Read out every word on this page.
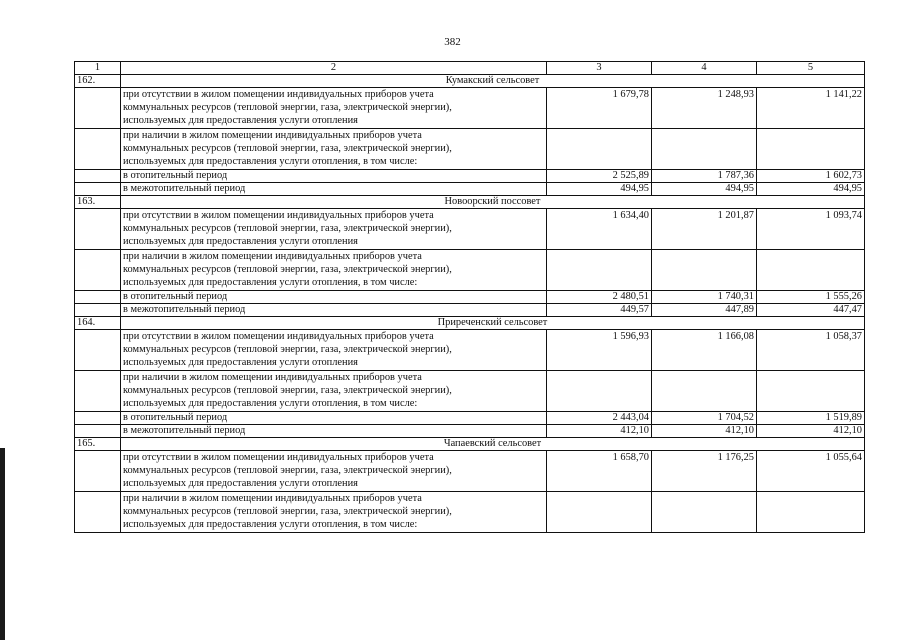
382
1	2	3	4	5
162.	Кумакский сельсовет			
	при отсутствии в жилом помещении индивидуальных приборов учета
коммунальных ресурсов (тепловой энергии, газа, электрической энергии),
используемых для предоставления услуги отопления	1 679,78	1 248,93	1 141,22
	при наличии в жилом помещении индивидуальных приборов учета
коммунальных ресурсов (тепловой энергии, газа, электрической энергии),
используемых для предоставления услуги отопления, в том числе:			
	в отопительный период	2 525,89	1 787,36	1 602,73
	в межотопительный период	494,95	494,95	494,95
163.	Новоорский поссовет			
	при отсутствии в жилом помещении индивидуальных приборов учета
коммунальных ресурсов (тепловой энергии, газа, электрической энергии),
используемых для предоставления услуги отопления	1 634,40	1 201,87	1 093,74
	при наличии в жилом помещении индивидуальных приборов учета
коммунальных ресурсов (тепловой энергии, газа, электрической энергии),
используемых для предоставления услуги отопления, в том числе:			
	в отопительный период	2 480,51	1 740,31	1 555,26
	в межотопительный период	449,57	447,89	447,47
164.	Приреченский сельсовет			
	при отсутствии в жилом помещении индивидуальных приборов учета
коммунальных ресурсов (тепловой энергии, газа, электрической энергии),
используемых для предоставления услуги отопления	1 596,93	1 166,08	1 058,37
	при наличии в жилом помещении индивидуальных приборов учета
коммунальных ресурсов (тепловой энергии, газа, электрической энергии),
используемых для предоставления услуги отопления, в том числе:			
	в отопительный период	2 443,04	1 704,52	1 519,89
	в межотопительный период	412,10	412,10	412,10
165.	Чапаевский сельсовет			
	при отсутствии в жилом помещении индивидуальных приборов учета
коммунальных ресурсов (тепловой энергии, газа, электрической энергии),
используемых для предоставления услуги отопления	1 658,70	1 176,25	1 055,64
	при наличии в жилом помещении индивидуальных приборов учета
коммунальных ресурсов (тепловой энергии, газа, электрической энергии),
используемых для предоставления услуги отопления, в том числе:			
